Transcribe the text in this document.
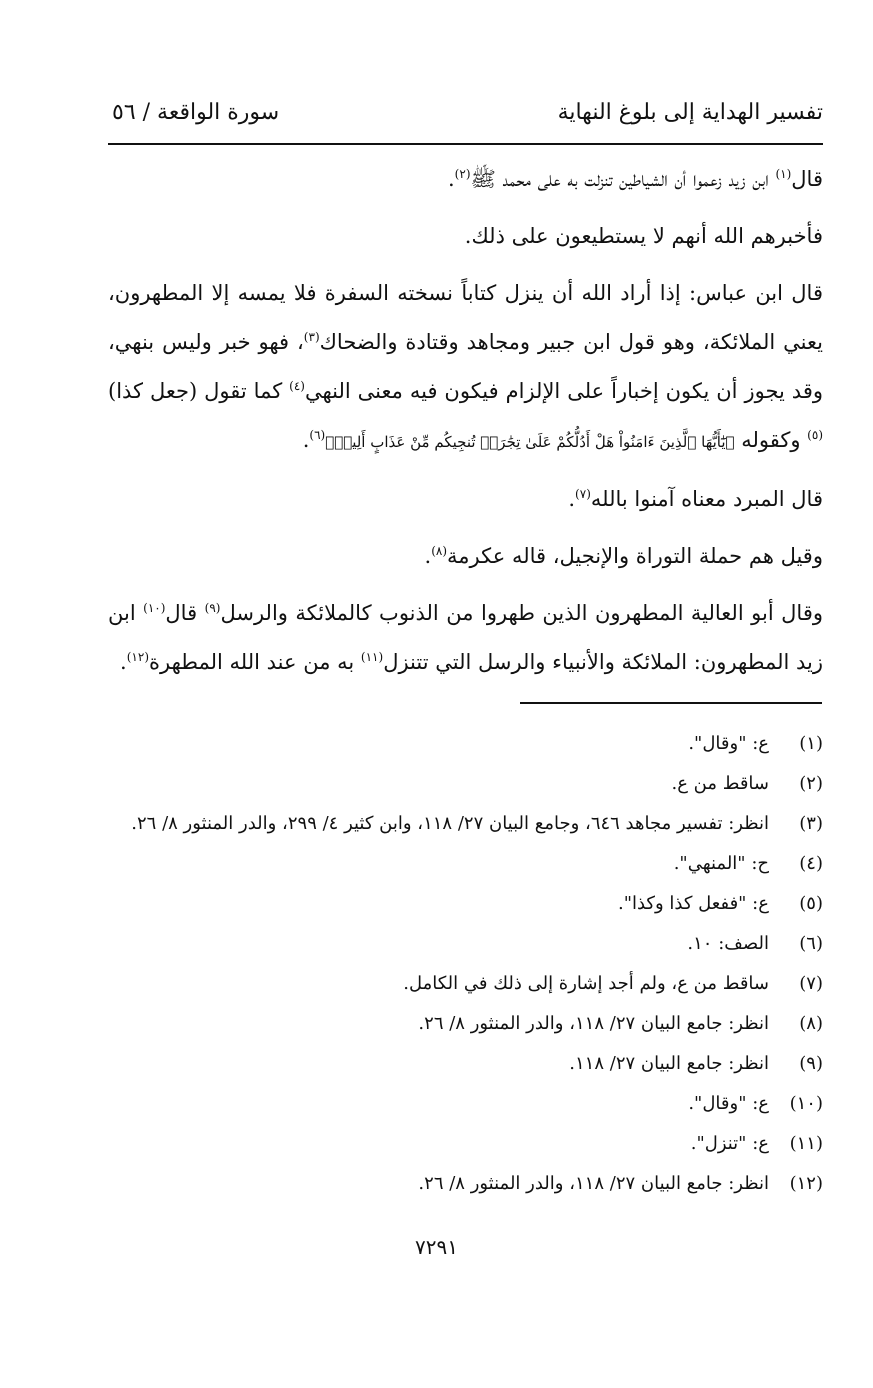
تفسير الهداية إلى بلوغ النهاية
سورة الواقعة / ٥٦

قال$^{(١)}$ ابن زيد زعموا أن الشياطين تنزلت به على محمد ﷺ$^{(٢)}$.

فأخبرهم الله أنهم لا يستطيعون على ذلك.

قال ابن عباس: إذا أراد الله أن ينزل كتاباً نسخته السفرة فلا يمسه إلا المطهرون، يعني الملائكة، وهو قول ابن جبير ومجاهد وقتادة والضحاك$^{(٣)}$، فهو خبر وليس بنهي، وقد يجوز أن يكون إخباراً على الإلزام فيكون فيه معنى النهي$^{(٤)}$ كما تقول (جعل كذا)$^{(٥)}$ وكقوله ﴿يَٰٓأَيُّهَا ٱلَّذِينَ ءَامَنُواْ هَلْ أَدُلُّكُمْ عَلَىٰ تِجَٰرَةٖ تُنجِيكُم مِّنْ عَذَابٍ أَلِيمٖ﴾$^{(٦)}$.

قال المبرد معناه آمنوا بالله$^{(٧)}$.

وقيل هم حملة التوراة والإنجيل، قاله عكرمة$^{(٨)}$.

وقال أبو العالية المطهرون الذين طهروا من الذنوب كالملائكة والرسل$^{(٩)}$ قال$^{(١٠)}$ ابن زيد المطهرون: الملائكة والأنبياء والرسل التي تتنزل$^{(١١)}$ به من عند الله المطهرة$^{(١٢)}$.

(١)
ع: "وقال".
(٢)
ساقط من ع.
(٣)
انظر: تفسير مجاهد ٦٤٦، وجامع البيان ٢٧/ ١١٨، وابن كثير ٤/ ٢٩٩، والدر المنثور ٨/ ٢٦.
(٤)
ح: "المنهي".
(٥)
ع: "ففعل كذا وكذا".
(٦)
الصف: ١٠.
(٧)
ساقط من ع، ولم أجد إشارة إلى ذلك في الكامل.
(٨)
انظر: جامع البيان ٢٧/ ١١٨، والدر المنثور ٨/ ٢٦.
(٩)
انظر: جامع البيان ٢٧/ ١١٨.
(١٠)
ع: "وقال".
(١١)
ع: "تنزل".
(١٢)
انظر: جامع البيان ٢٧/ ١١٨، والدر المنثور ٨/ ٢٦.
٧٢٩١
